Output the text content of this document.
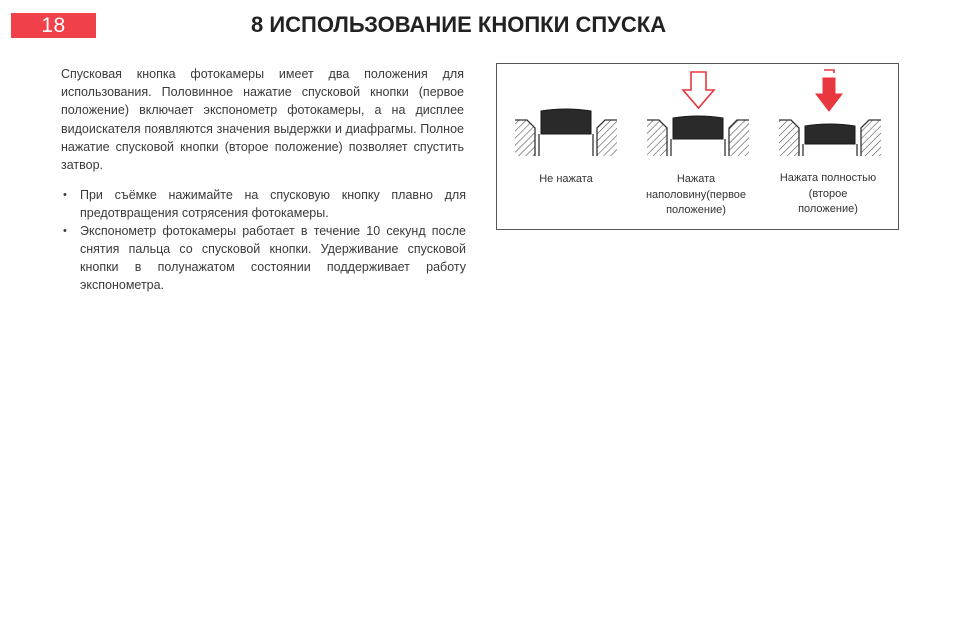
18	8 ИСПОЛЬЗОВАНИЕ КНОПКИ СПУСКА

Спусковая кнопка фотокамеры имеет два положения для использования. Половинное нажатие спусковой кнопки (первое положение) включает экспонометр фотокамеры, а на дисплее видоискателя появляются значения выдержки и диафрагмы. Полное нажатие спусковой кнопки (второе положение) позволяет спустить затвор.

• При съёмке нажимайте на спусковую кнопку плавно для предотвращения сотрясения фотокамеры.
• Экспонометр фотокамеры работает в течение 10 секунд после снятия пальца со спусковой кнопки. Удерживание спусковой кнопки в полунажатом состоянии поддерживает работу экспонометра.
Не нажата	Нажата
наполовину(первое
положение)
Нажата полностью
(второе
положение)
